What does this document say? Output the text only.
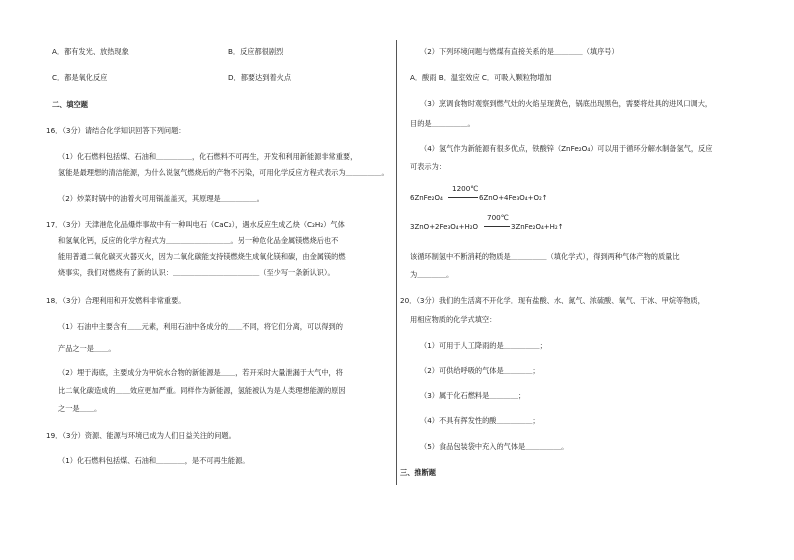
A．都有发光、放热现象	B．反应都很剧烈
C．都是氧化反应	D．都要达到着火点
二、填空题
16．（3分）请结合化学知识回答下列问题：
（1）化石燃料包括煤、石油和＿＿＿＿＿，化石燃料不可再生，开发和利用新能源非常重要，
氢能是最理想的清洁能源，为什么说氢气燃烧后的产物不污染，可用化学反应方程式表示为＿＿＿＿＿。
（2）炒菜时锅中的油着火可用锅盖盖灭，其原理是＿＿＿＿＿。
17．（3分）天津港危化品爆炸事故中有一种叫电石（CaC₂），遇水反应生成乙炔（C₂H₂）气体
和氢氧化钙，反应的化学方程式为＿＿＿＿＿＿＿＿＿。另一种危化品金属镁燃烧后也不
能用普通二氧化碳灭火器灭火，因为二氧化碳能支持镁燃烧生成氧化镁和碳，由金属镁的燃
烧事实，我们对燃烧有了新的认识：＿＿＿＿＿＿＿＿＿＿＿＿（至少写一条新认识）。
18．（3分）合理利用和开发燃料非常重要。
（1）石油中主要含有＿＿元素，利用石油中各成分的＿＿不同，将它们分离，可以得到的
产品之一是＿＿。
（2）埋于海底，主要成分为甲烷水合物的新能源是＿＿，若开采时大量泄漏于大气中，将
比二氧化碳造成的＿＿效应更加严重。同样作为新能源，氢能被认为是人类理想能源的原因
之一是＿＿。
19．（3分）资源、能源与环境已成为人们日益关注的问题。
（1）化石燃料包括煤、石油和＿＿＿＿，是不可再生能源。
（2）下列环境问题与燃煤有直接关系的是＿＿＿＿（填序号）
A．酸雨 B．温室效应 C．可吸入颗粒物增加
（3）烹调食物时观察到燃气灶的火焰呈现黄色，锅底出现黑色，需要将灶具的进风口调大，
目的是＿＿＿＿＿。
（4）氢气作为新能源有很多优点，铁酸锌（ZnFe₂O₄）可以用于循环分解水制备氢气，反应
可表示为：
6ZnFe₂O₄
1200℃
6ZnO+4Fe₃O₄+O₂↑
3ZnO+2Fe₃O₄+H₂O
700℃
3ZnFe₂O₄+H₂↑
该循环制氢中不断消耗的物质是＿＿＿＿＿（填化学式），得到两种气体产物的质量比
为＿＿＿＿。
20．（3分）我们的生活离不开化学．现有盐酸、水、氮气、浓硫酸、氧气、干冰、甲烷等物质，
用相应物质的化学式填空：
（1）可用于人工降雨的是＿＿＿＿＿；
（2）可供给呼吸的气体是＿＿＿＿；
（3）属于化石燃料是＿＿＿＿；
（4）不具有挥发性的酸＿＿＿＿＿；
（5）食品包装袋中充入的气体是＿＿＿＿＿。
三、推断题
